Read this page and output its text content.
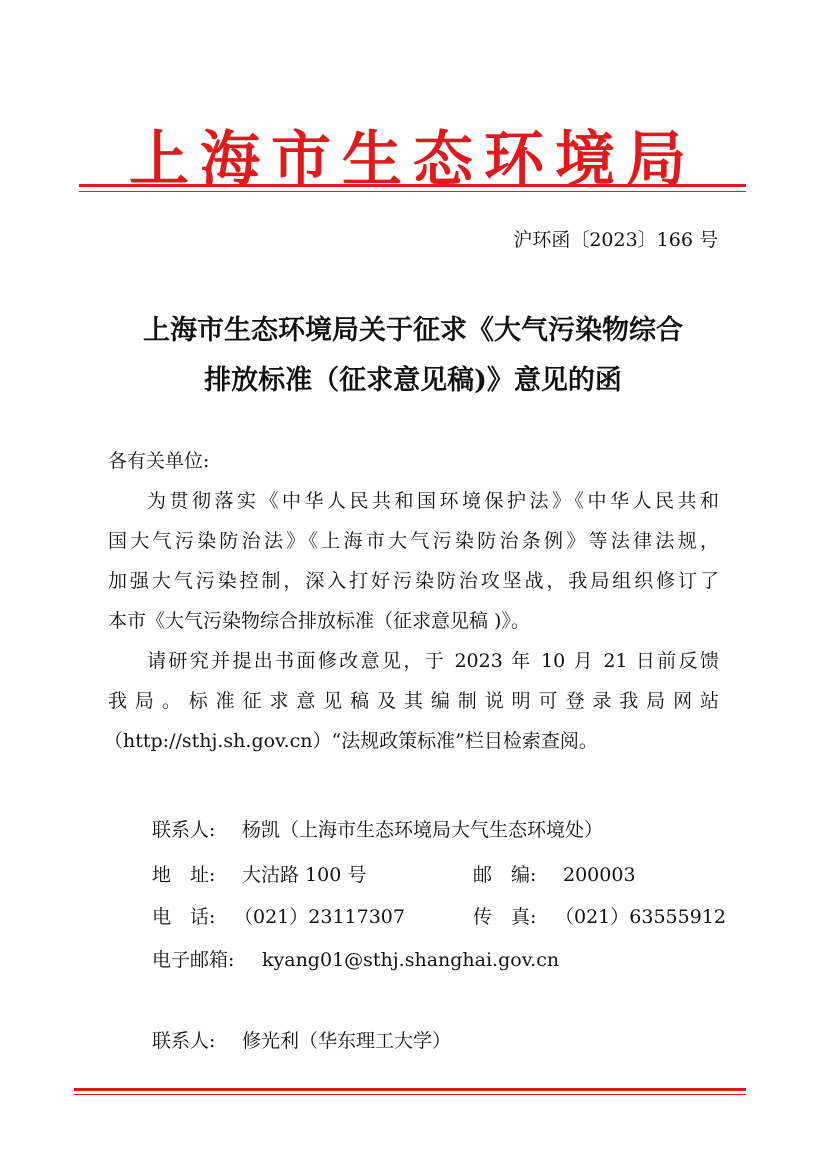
上海市生态环境局
沪环函〔2023〕166 号
上海市生态环境局关于征求《大气污染物综合
排放标准（征求意见稿)》意见的函
各有关单位:
为贯彻落实《中华人民共和国环境保护法》《中华人民共和
国大气污染防治法》《上海市大气污染防治条例》等法律法规，
加强大气污染控制，深入打好污染防治攻坚战，我局组织修订了
本市《大气污染物综合排放标准（征求意见稿 )》。
请研究并提出书面修改意见，于 2023 年 10 月 21 日前反馈
我局。标准征求意见稿及其编制说明可登录我局网站
（http://sthj.sh.gov.cn）“法规政策标准”栏目检索查阅。
联系人: 杨凯（上海市生态环境局大气生态环境处）
地　址: 大沽路 100 号	邮　编: 200003
电　话: （021）23117307	传　真: （021）63555912
电子邮箱: kyang01@sthj.shanghai.gov.cn
联系人: 修光利（华东理工大学）
